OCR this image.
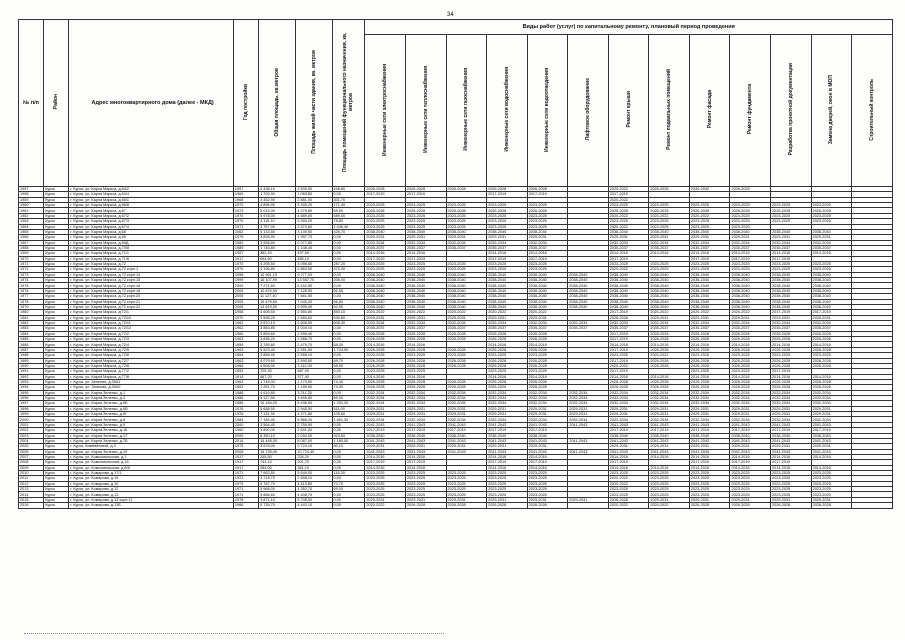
34
№ п/п	Район	Адрес многоквартирного дома (далее - МКД)	Год постройки	Общая площадь, кв.метров	Площадь жилой части здания, кв. метров	Площадь помещений функционального назначения, кв. метров	Виды работ (услуг) по капитальному ремонту, плановый период проведения												
							Инженерные сети электроснабжения	Инженерные сети теплоснабжения	Инженерные сети газоснабжения	Инженерные сети водоснабжения	Инженерные сети водоотведения	Лифтовое оборудование	Ремонт крыши	Ремонт подвальных помещений	Ремонт фасада	Ремонт фундамента	Разработка проектной документации	Замена дверей, окон в МОП	Строительный контроль
1957	Курск	г. Курск, ул. Карла Маркса, д.64/2	1957	4 438,10	2 630,00	496,80	2026-2028	2026-2028	2026-2028	2026-2028	2026-2028		2020-2022	2026-2028	2030-2032	2026-2028			
1958	Курск	г. Курск, ул. Карла Маркса, д.64/4	1960	1 702,90	1 083,80	0,00	2017-2019	2017-2019		2017-2019	2017-2019		2017-2019						
1959	Курск	г. Курск, ул. Карла Маркса, д.66/1	1968	3 452,90	2 881,00	301,70							2020-2022						
1960	Курск	г. Курск, ул. Карла Маркса, д.66/8	1972	4 896,90	3 345,20	171,40	2023-2025	2023-2025	2023-2025	2023-2025	2023-2025		2023-2025	2023-2025	2023-2025	2023-2025	2023-2025	2023-2025	
1961	Курск	г. Курск, ул. Карла Маркса, д.67	1973	5 015,30	4 275,80	55,50	2026-2028	2026-2028	2026-2028	2026-2028	2026-2028		2026-2028	2026-2028	2026-2028	2026-2028	2026-2028	2026-2028	
1962	Курск	г. Курск, ул. Карла Маркса, д.67/2	1970	5 978,00	4 689,00	589,00	2023-2025	2023-2025	2023-2025	2023-2025	2023-2025		2020-2022	2020-2022	2020-2022	2023-2025	2023-2025	2023-2025	
1963	Курск	г. Курск, ул. Карла Маркса, д.67/3	1970	4 115,10	3 394,20	78,80	2023-2025	2023-2025	2023-2025	2023-2025	2023-2025		2023-2025	2023-2025	2023-2025	2023-2025	2023-2025	2023-2025	
1964	Курск	г. Курск, ул. Карла Маркса, д.67/4	1971	4 757,00	3 374,60	1 046,40	2023-2025	2023-2025	2023-2025	2023-2025	2023-2025		2020-2022	2023-2025	2023-2025	2023-2025			
1965	Курск	г. Курск, ул. Карла Маркса, д.68	1962	5 133,50	3 130,50	426,70	2038-2040	2038-2040	2038-2040	2038-2040	2038-2040		2038-2040	2038-2040	2038-2040	2038-2040	2038-2040	2038-2040	
1966	Курск	г. Курск, ул. Карла Маркса, д.69	1979	3 828,90	1 997,70	0,00	2029-2031	2029-2031	2029-2031	2029-2031	2029-2031		2029-2031	2029-2031	2029-2031	2029-2031	2029-2031	2029-2031	
1967	Курск	г. Курск, ул. Карла Маркса, д.69Д	1982	3 958,80	2 077,80	0,00	2032-2034	2032-2034	2032-2034	2032-2034	2032-2034		2032-2034	2032-2034	2032-2034	2032-2034	2032-2034	2032-2034	
1968	Курск	г. Курск, ул. Карла Маркса, д.70/8	1989	1 746,80	1 148,40	0,00	2035-2037	2035-2037	2035-2037	2035-2037	2035-2037		2035-2037	2035-2037	2035-2037	2035-2037	2035-2037	2035-2037	
1969	Курск	г. Курск, ул. Карла Маркса, д.71/1	1957	382,40	497,50	0,00	2014-2016	2014-2016		2014-2016	2014-2016		2014-2016	2014-2016	2014-2016	2014-2016	2014-2016	2014-2016	
1970	Курск	г. Курск, ул. Карла Маркса, д.71/6	1917	694,50	485,10	0,00	2017-2019	2017-2019		2017-2019	2017-2019		2017-2019		2017-2019	2017-2019	2017-2019		
1971	Курск	г. Курск, ул. Карла Маркса, д.72	1970	4 295,50	3 098,60	287,20	2023-2025	2023-2025	2023-2025	2023-2025	2023-2025		2023-2025	2023-2025	2023-2025	2023-2025	2023-2025	2023-2025	
1972	Курск	г. Курск, ул. Карла Маркса, д.72 корп.1	1970	4 196,80	2 663,50	370,30	2023-2025	2023-2025	2023-2025	2023-2025	2023-2025		2020-2022	2023-2025	2023-2025	2023-2025	2023-2025	2023-2025	
1973	Курск	г. Курск, ул. Карла Маркса, д.72 корп.14	1998	10 961,10	9 277,00	0,00	2038-2040	2038-2040	2038-2040	2038-2040	2038-2040	2038-2040	2038-2040	2038-2040	2038-2040	2038-2040	2038-2040	2038-2040	
1974	Курск	г. Курск, ул. Карла Маркса, д.72 корп.15	1999	16 107,90	13 557,70	206,00	2038-2040	2038-2040	2038-2040	2038-2040	2038-2040	2038-2040	2038-2040	2038-2040	2038-2040	2038-2040	2038-2040	2038-2040	
1975	Курск	г. Курск, ул. Карла Маркса, д.72 корп.16	2000	7 271,50	6 152,50	0,00	2038-2040	2038-2040	2038-2040	2038-2040	2038-2040	2038-2040	2038-2040	2038-2040	2038-2040	2038-2040	2038-2040	2038-2040	
1976	Курск	г. Курск, ул. Карла Маркса, д.72 корп.18	2005	10 670,50	7 128,50	52,50	2038-2040	2038-2040	2038-2040	2038-2040	2038-2040	2038-2040	2038-2040	2038-2040	2038-2040	2038-2040	2038-2040	2038-2040	
1977	Курск	г. Курск, ул. Карла Маркса, д.72 корп.20	2005	11 127,40	7 661,50	0,00	2038-2040	2038-2040	2038-2040	2038-2040	2038-2040	2038-2040	2038-2040	2038-2040	2038-2040	2038-2040	2038-2040	2038-2040	
1978	Курск	г. Курск, ул. Карла Маркса, д.72 корп.21	2005	10 479,60	7 040,20	56,50	2038-2040	2038-2040	2038-2040	2038-2040	2038-2040	2038-2040	2038-2040	2038-2040	2038-2040	2038-2040	2038-2040	2038-2040	
1979	Курск	г. Курск, ул. Карла Маркса, д.72 корп.22	2005	14 619,50	9 999,40	52,90	2038-2040	2038-2040	2038-2040	2038-2040	2038-2040	2038-2040	2038-2040	2038-2040	2038-2040	2038-2040	2038-2040	2038-2040	
1980	Курск	г. Курск, ул. Карла Маркса, д.72/1	1958	4 608,50	2 550,80	850,10	2020-2022	2020-2022	2020-2022	2020-2022	2020-2022		2017-2019	2020-2022	2020-2022	2020-2022	2017-2019	2017-2019	
1981	Курск	г. Курск, ул. Карла Маркса, д.72/10	1970	3 598,20	2 583,60	530,60	2029-2031	2029-2031	2029-2031	2029-2031	2029-2031		2026-2028	2029-2031	2029-2031	2029-2031	2029-2031	2029-2031	
1982	Курск	г. Курск, ул. Карла Маркса, д.72/11	1962	3 870,10	2 606,50	608,30	2032-2034	2032-2034	2032-2034	2032-2034	2032-2034	2032-2034	2032-2034	2032-2034	2032-2034	2032-2034	2032-2034	2032-2034	
1983	Курск	г. Курск, ул. Карла Маркса, д.72/12	1962	3 883,80	4 004,10	0,00	2035-2037	2035-2037	2035-2037	2035-2037	2035-2037	2035-2037	2035-2037	2035-2037	2035-2037	2035-2037	2035-2037	2035-2037	
1984	Курск	г. Курск, ул. Карла Маркса, д.72/2	1960	3 859,60	2 595,40	0,00	2026-2028	2026-2028	2026-2028	2026-2028	2026-2028		2017-2019	2026-2028	2026-2028	2026-2028	2026-2028	2026-2028	
1985	Курск	г. Курск, ул. Карла Маркса, д.72/3	1963	3 838,20	2 588,70	0,00	2026-2028	2026-2028	2026-2028	2026-2028	2026-2028		2017-2019	2026-2028	2026-2028	2026-2028	2026-2028	2026-2028	
1986	Курск	г. Курск, ул. Карла Маркса, д.72/4	1959	3 785,80	2 470,70	68,00	2014-2016	2014-2016		2014-2016	2014-2016		2014-2016	2014-2016	2014-2016	2014-2016	2014-2016	2014-2016	
1987	Курск	г. Курск, ул. Карла Маркса, д.72/5	1963	5 523,40	2 551,50	1 724,90	2026-2028	2026-2028	2026-2028	2026-2028	2026-2028		2017-2019	2026-2028	2026-2028	2026-2028	2026-2028	2026-2028	
1988	Курск	г. Курск, ул. Карла Маркса, д.72/6	1964	3 858,90	2 558,10	0,00	2023-2025	2023-2025	2023-2025	2023-2025	2023-2025		2023-2025	2020-2022	2023-2025	2023-2025	2023-2025	2023-2025	
1989	Курск	г. Курск, ул. Карла Маркса, д.72/7	1963	4 079,60	2 590,60	89,70	2026-2028	2026-2028	2026-2028	2026-2028	2026-2028		2017-2019	2026-2028	2026-2028	2026-2028	2026-2028	2026-2028	
1990	Курск	г. Курск, ул. Карла Маркса, д.72/8	1966	4 608,00	3 112,00	58,90	2026-2028	2026-2028	2026-2028	2026-2028	2026-2028		2020-2022	2026-2028	2026-2028	2026-2028	2026-2028	2026-2028	
1991	Курск	г. Курск, ул. Карла Маркса, д.77/2	1953	725,30	587,00	0,00	2023-2025	2023-2025		2023-2025	2023-2025		2017-2019		2023-2025	2023-2025	2017-2019		
1992	Курск	г. Курск, ул. Карла Маркса, д.77/8	1914	467,20	377,40	0,00	2014-2016	2014-2016		2014-2016	2014-2016		2014-2016	2014-2016	2014-2016	2014-2016	2014-2016	2014-2016	
1993	Курск	г. Курск, ул. Зеленая, д.30А1	1962	1 748,00	1 173,60	74,40	2026-2028	2026-2028	2026-2028	2026-2028	2026-2028		2026-2028	2026-2028	2026-2028	2026-2028	2026-2028	2026-2028	
1994	Курск	г. Курск, ул. Зеленая, д.30А2	1962	1 261,70	1 189,60	74,30	2026-2028	2026-2028	2026-2028	2026-2028	2026-2028		2026-2028	2026-2028	2026-2028	2026-2028	2026-2028	2026-2028	
1995	Курск	г. Курск, ул. Карла Зеленко, д.1	1986	4 619,80	3 211,20	0,00	2032-2034	2032-2034	2032-2034	2032-2034	2032-2034	2032-2034	2032-2034	2032-2034	2032-2034	2032-2034	2032-2034	2032-2034	
1996	Курск	г. Курск, ул. Карла Зеленко, д.2	1986	5 127,50	3 695,80	89,00	2032-2034	2032-2034	2032-2034	2032-2034	2032-2034	2032-2034	2032-2034	2032-2034	2032-2034	2032-2034	2032-2034	2032-2034	
1997	Курск	г. Курск, ул. Карла Зеленко, д.6Б	1986	10 184,00	6 436,90	1 031,30	2032-2034	2032-2034	2032-2034	2032-2034	2032-2034	2032-2034	2032-2034	2032-2034	2032-2034	2032-2034	2032-2034	2032-2034	
1998	Курск	г. Курск, ул. Карла Зеленко, д.6В	1976	5 658,50	2 945,50	511,00	2029-2031	2029-2031	2029-2031	2029-2031	2029-2031	2029-2031	2029-2031	2029-2031	2029-2031	2029-2031	2029-2031	2029-2031	
1999	Курск	г. Курск, ул. Карла Зеленко, д.6Г	1976	7 131,90	4 271,80	105,60	2029-2031	2029-2031	2029-2031	2029-2031	2029-2031	2029-2031	2029-2031	2029-2031	2029-2031	2029-2031	2029-2031	2029-2031	
2000	Курск	г. Курск, ул. Карла Зеленко, д.8	1984	7 784,40	5 566,20	1 661,30	2032-2034	2032-2034	2032-2034	2032-2034	2032-2034	2032-2034	2032-2034	2032-2034	2032-2034	2032-2034	2032-2034	2032-2034	
2001	Курск	г. Курск, ул. Карла Зеленко, д.9	2000	3 564,40	2 750,50	0,00	2041-2043	2041-2043	2041-2043	2041-2043	2041-2043	2041-2043	2041-2043	2041-2043	2041-2043	2041-2043	2041-2043	2041-2043	
2002	Курск	г. Курск, ул. Карла Зеленко, д.16	1960	3 890,00	2 541,20	0,00	2017-2019	2017-2019	2017-2019	2017-2019	2017-2019		2017-2019	2017-2019	2017-2019	2017-2019	2017-2019	2017-2019	
2003	Курск	г. Курск, ул. Карла Зеленко, д.17	2000	8 350,10	2 094,00	924,60	2038-2040	2038-2040	2038-2040	2038-2040	2038-2040		2038-2040	2038-2040	2038-2040	2038-2040	2038-2040	2038-2040	
2004	Курск	г. Курск, ул. Карла Зеленко, д.7Б	2014	14 448,00	8 087,00	1 180,00	2041-2043	2041-2043	2041-2043	2041-2043	2041-2043	2041-2043	2041-2043	2041-2043	2041-2043	2041-2043	2041-2043	2041-2043	
2005	Курск	г. Курск, Кижеватовой, д.3	1975	3 878,00	2 724,10	80,10	2029-2031	2029-2031	2029-2031	2029-2031	2029-2031		2029-2031	2029-2031	2029-2031	2029-2031	2029-2031	2029-2031	
2006	Курск	г. Курск, ул. Карла Зеленко, д.19	2008	15 735,40	10 724,40	0,00	2041-2043	2041-2043	2041-2043	2041-2043	2041-2043	2041-2043	2041-2043	2041-2043	2041-2043	2041-2043	2041-2043	2041-2043	
2007	Курск	г. Курск, ул. Комсомольская, д.1	1917	245,50	228,20	0,00	2014-2016	2014-2016		2014-2016	2014-2016		2014-2016	2014-2016	2014-2016	2014-2016	2014-2016	2014-2016	
2008	Курск	г. Курск, ул. Комсомольская, д.16	1917	744,10	201,70	0,00	2017-2019	2017-2019		2017-2019	2017-2019		2017-2019		2017-2019	2017-2019	2017-2019		
2009	Курск	г. Курск, ул. Комсомольская, д.6/8	1917	284,00	361,10	0,00	2014-2016	2014-2016		2014-2016	2014-2016		2014-2016	2014-2016	2014-2016	2014-2016	2014-2016	2014-2016	
2010	Курск	г. Курск, ул. Комарова, д.17/1	1971	7 662,50	5 649,00	116,30	2023-2025	2023-2025	2023-2025	2023-2025	2023-2025		2023-2025	2023-2025	2023-2025	2023-2025	2023-2025	2023-2025	
2011	Курск	г. Курск, ул. Комарова, д.19	1972	3 718,70	2 698,10	0,00	2023-2025	2023-2025	2023-2025	2023-2025	2023-2025		2020-2022	2023-2025	2023-2025	2023-2025	2023-2025	2023-2025	
2012	Курск	г. Курск, ул. Комарова, д.10	1973	5 787,70	4 413,80	70,70	2023-2025	2023-2025	2023-2025	2023-2025	2023-2025		2020-2022	2023-2025	2023-2025	2023-2025	2023-2025	2023-2025	
2013	Курск	г. Курск, ул. Комарова, д.12	1971	5 968,00	4 352,70	69,00	2023-2025	2023-2025	2023-2025	2023-2025	2023-2025		2023-2025	2023-2025	2023-2025	2023-2025	2023-2025	2023-2025	
2014	Курск	г. Курск, ул. Комарова, д.13	1971	5 866,60	4 406,70	0,00	2023-2025	2023-2025	2023-2025	2023-2025	2023-2025		2023-2025	2023-2025	2023-2025	2023-2025	2023-2025	2023-2025	
2015	Курск	г. Курск, ул. Комарова, д.13 корп.11	1978	3 871,10	3 708,00	0,00	2029-2031	2029-2031	2029-2031	2029-2031	2029-2031	2029-2031	2026-2028	2029-2031	2029-2031	2029-2031	2029-2031	2029-2031	
2016	Курск	г. Курск, ул. Комарова, д.13Б	1966	5 735,70	4 443,10	0,00	2020-2022	2026-2028	2026-2028	2026-2028	2026-2028		2020-2022	2020-2022	2026-2028	2026-2028	2026-2028	2026-2028	
